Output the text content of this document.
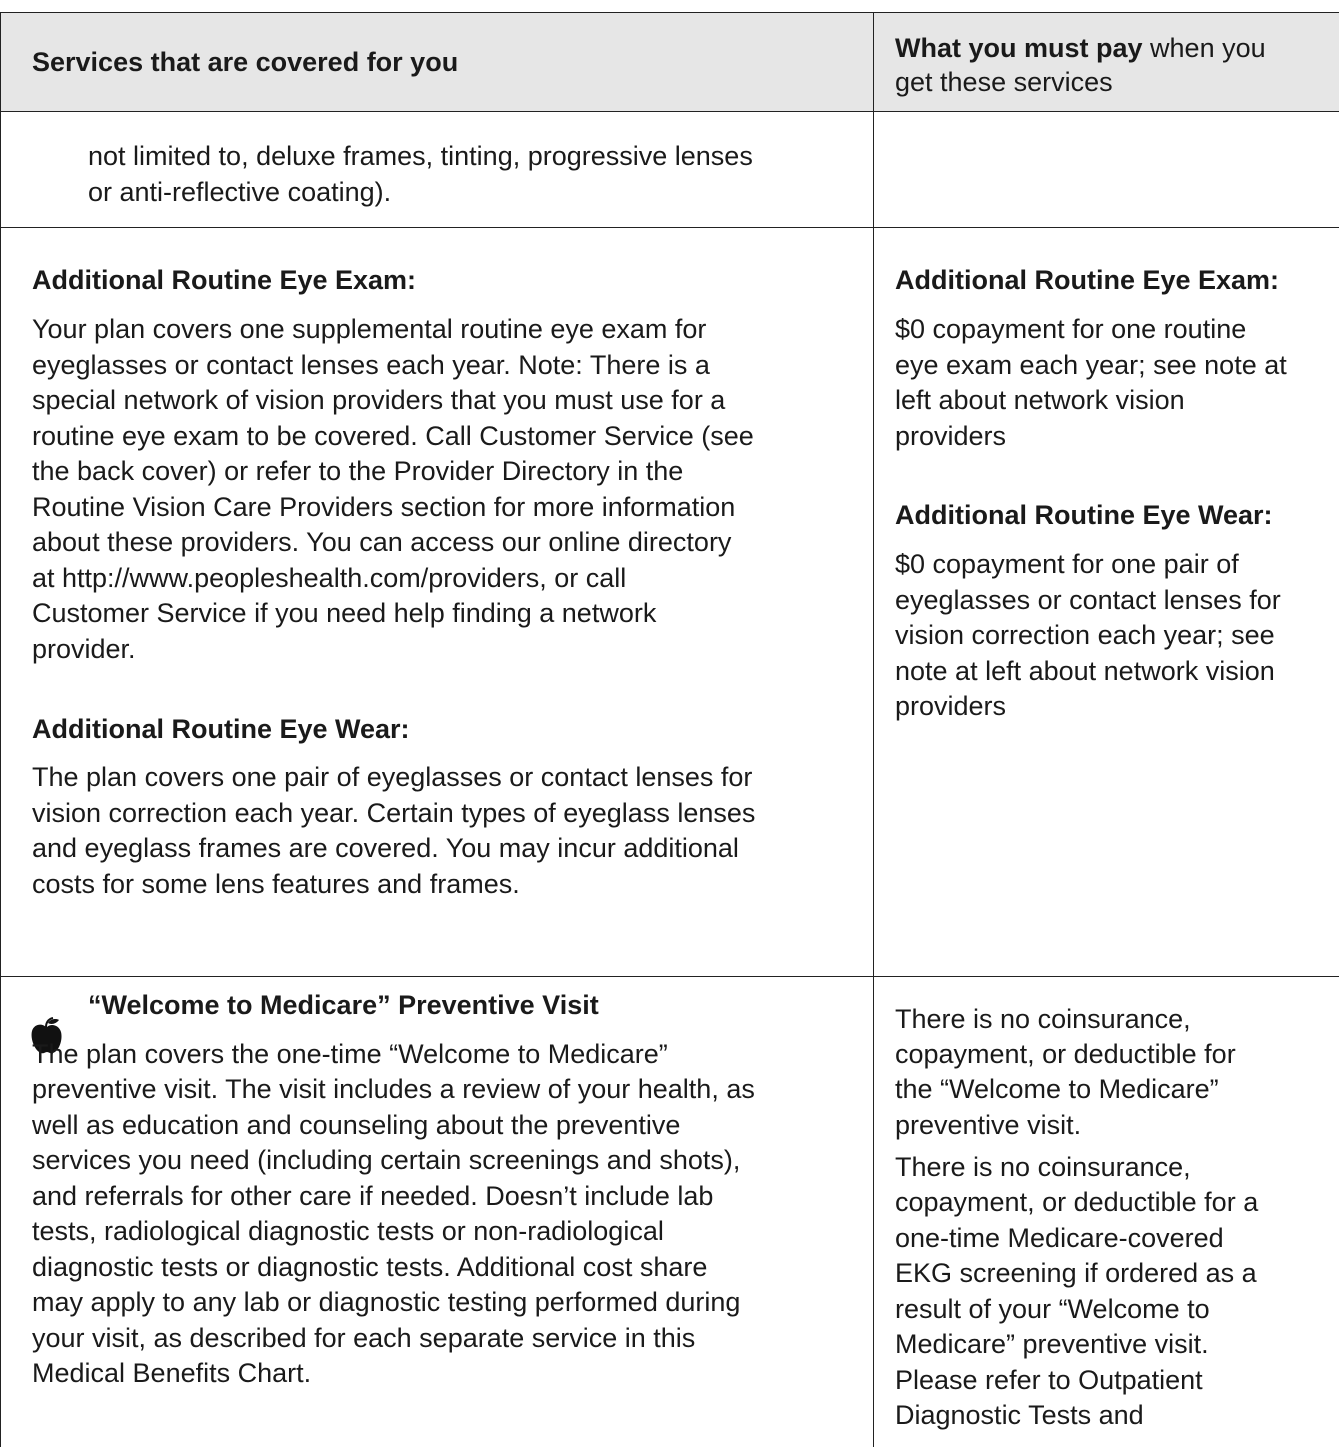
Services that are covered for you	What you must pay when you
get these services
not limited to, deluxe frames, tinting, progressive lenses
or anti-reflective coating).
Additional Routine Eye Exam:
Your plan covers one supplemental routine eye exam for
eyeglasses or contact lenses each year. Note: There is a
special network of vision providers that you must use for a
routine eye exam to be covered. Call Customer Service (see
the back cover) or refer to the Provider Directory in the
Routine Vision Care Providers section for more information
about these providers. You can access our online directory
at http://www.peopleshealth.com/providers, or call
Customer Service if you need help finding a network
provider.
Additional Routine Eye Wear:
The plan covers one pair of eyeglasses or contact lenses for
vision correction each year. Certain types of eyeglass lenses
and eyeglass frames are covered. You may incur additional
costs for some lens features and frames.
Additional Routine Eye Exam:
$0 copayment for one routine
eye exam each year; see note at
left about network vision
providers
Additional Routine Eye Wear:
$0 copayment for one pair of
eyeglasses or contact lenses for
vision correction each year; see
note at left about network vision
providers
“Welcome to Medicare” Preventive Visit
The plan covers the one-time “Welcome to Medicare”
preventive visit. The visit includes a review of your health, as
well as education and counseling about the preventive
services you need (including certain screenings and shots),
and referrals for other care if needed. Doesn’t include lab
tests, radiological diagnostic tests or non-radiological
diagnostic tests or diagnostic tests. Additional cost share
may apply to any lab or diagnostic testing performed during
your visit, as described for each separate service in this
Medical Benefits Chart.
There is no coinsurance,
copayment, or deductible for
the “Welcome to Medicare”
preventive visit.
There is no coinsurance,
copayment, or deductible for a
one-time Medicare-covered
EKG screening if ordered as a
result of your “Welcome to
Medicare” preventive visit.
Please refer to Outpatient
Diagnostic Tests and
